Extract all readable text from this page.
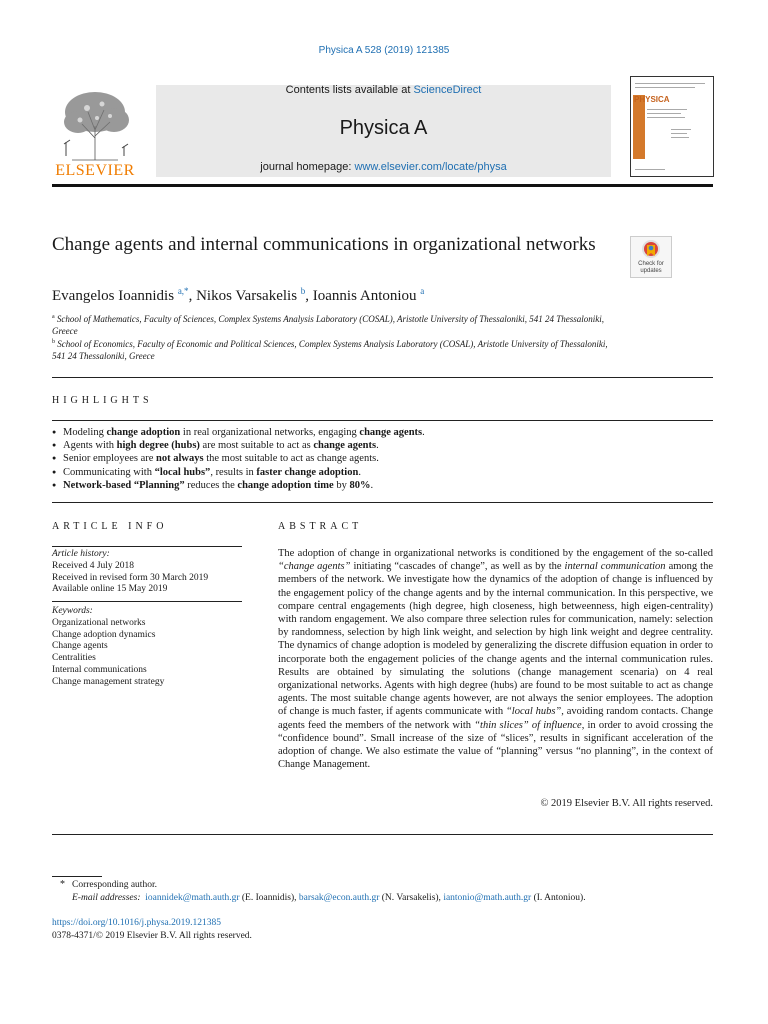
Physica A 528 (2019) 121385
ELSEVIER
Contents lists available at ScienceDirect
Physica A
journal homepage: www.elsevier.com/locate/physa
PHYSICA
Change agents and internal communications in organizational networks
Check for updates
Evangelos Ioannidis $^{a,*}$, Nikos Varsakelis $^b$, Ioannis Antoniou $^a$
$^a$ School of Mathematics, Faculty of Sciences, Complex Systems Analysis Laboratory (COSAL), Aristotle University of Thessaloniki, 541 24 Thessaloniki, Greece
$^b$ School of Economics, Faculty of Economic and Political Sciences, Complex Systems Analysis Laboratory (COSAL), Aristotle University of Thessaloniki, 541 24 Thessaloniki, Greece
HIGHLIGHTS
● Modeling change adoption in real organizational networks, engaging change agents.
● Agents with high degree (hubs) are most suitable to act as change agents.
● Senior employees are not always the most suitable to act as change agents.
● Communicating with “local hubs”, results in faster change adoption.
● Network-based “Planning” reduces the change adoption time by 80%.
ARTICLE INFO
Article history:
Received 4 July 2018
Received in revised form 30 March 2019
Available online 15 May 2019
Keywords:
Organizational networks
Change adoption dynamics
Change agents
Centralities
Internal communications
Change management strategy
ABSTRACT
The adoption of change in organizational networks is conditioned by the engagement of the so-called “change agents” initiating “cascades of change”, as well as by the internal communication among the members of the network. We investigate how the dynamics of the adoption of change is influenced by the engagement policy of the change agents and by the internal communication. In this perspective, we compare central engagements (high degree, high closeness, high betweenness, high eigen-centrality) with random engagement. We also compare three selection rules for communication, namely: selection by randomness, selection by high link weight, and selection by high link weight and degree centrality. The dynamics of change adoption is modeled by generalizing the discrete diffusion equation in order to incorporate both the engagement policies of the change agents and the internal communication rules. Results are obtained by simulating the solutions (change management scenaria) on 4 real organizational networks. Agents with high degree (hubs) are found to be most suitable to act as change agents. The most suitable change agents however, are not always the senior employees. The adoption of change is much faster, if agents communicate with “local hubs”, avoiding random contacts. Change agents feed the members of the network with “thin slices” of influence, in order to avoid crossing the “confidence bound”. Small increase of the size of “slices”, results in significant acceleration of the adoption of change. We also estimate the value of “planning” versus “no planning”, in the context of Change Management.
© 2019 Elsevier B.V. All rights reserved.
* Corresponding author.
E-mail addresses: ioannidek@math.auth.gr (E. Ioannidis), barsak@econ.auth.gr (N. Varsakelis), iantonio@math.auth.gr (I. Antoniou).
https://doi.org/10.1016/j.physa.2019.121385
0378-4371/© 2019 Elsevier B.V. All rights reserved.
